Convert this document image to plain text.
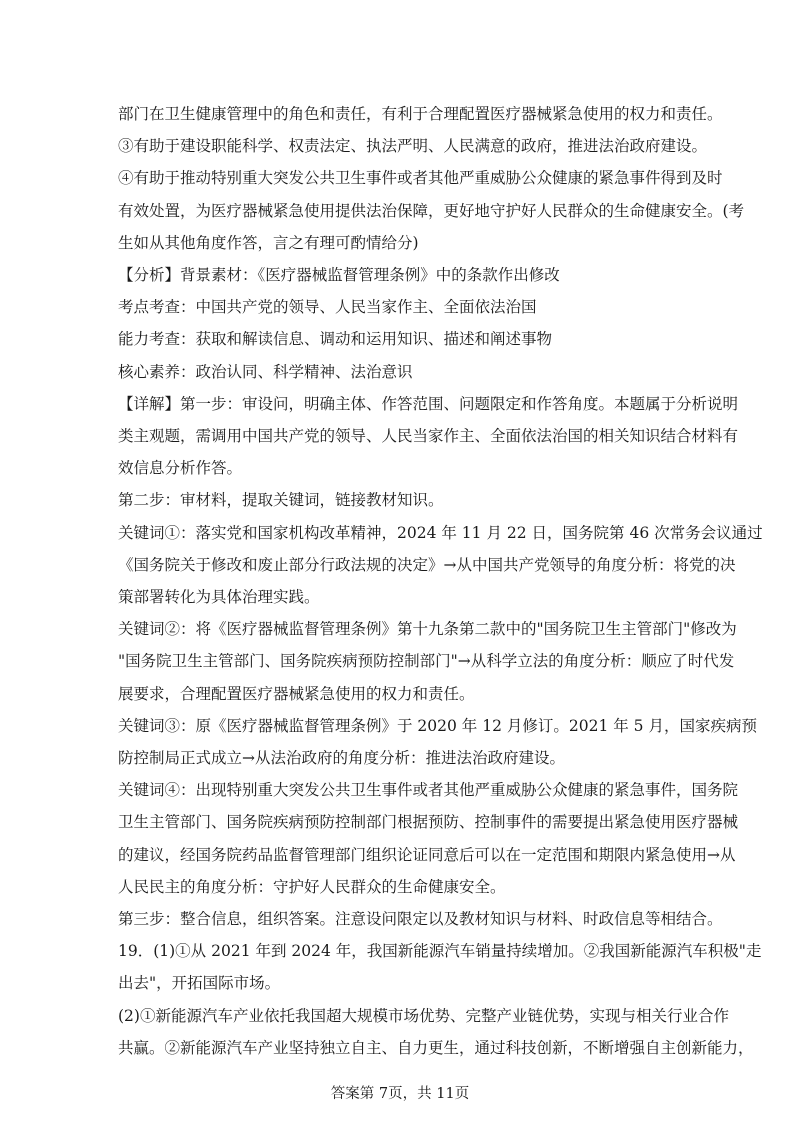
部门在卫生健康管理中的角色和责任，有利于合理配置医疗器械紧急使用的权力和责任。
③有助于建设职能科学、权责法定、执法严明、人民满意的政府，推进法治政府建设。
④有助于推动特别重大突发公共卫生事件或者其他严重威胁公众健康的紧急事件得到及时
有效处置，为医疗器械紧急使用提供法治保障，更好地守护好人民群众的生命健康安全。(考
生如从其他角度作答，言之有理可酌情给分)
【分析】背景素材：《医疗器械监督管理条例》中的条款作出修改
考点考查：中国共产党的领导、人民当家作主、全面依法治国
能力考查：获取和解读信息、调动和运用知识、描述和阐述事物
核心素养：政治认同、科学精神、法治意识
【详解】第一步：审设问，明确主体、作答范围、问题限定和作答角度。本题属于分析说明
类主观题，需调用中国共产党的领导、人民当家作主、全面依法治国的相关知识结合材料有
效信息分析作答。
第二步：审材料，提取关键词，链接教材知识。
关键词①：落实党和国家机构改革精神，2024 年 11 月 22 日，国务院第 46 次常务会议通过
《国务院关于修改和废止部分行政法规的决定》→从中国共产党领导的角度分析：将党的决
策部署转化为具体治理实践。
关键词②：将《医疗器械监督管理条例》第十九条第二款中的"国务院卫生主管部门"修改为
"国务院卫生主管部门、国务院疾病预防控制部门"→从科学立法的角度分析：顺应了时代发
展要求，合理配置医疗器械紧急使用的权力和责任。
关键词③：原《医疗器械监督管理条例》于 2020 年 12 月修订。2021 年 5 月，国家疾病预
防控制局正式成立→从法治政府的角度分析：推进法治政府建设。
关键词④：出现特别重大突发公共卫生事件或者其他严重威胁公众健康的紧急事件，国务院
卫生主管部门、国务院疾病预防控制部门根据预防、控制事件的需要提出紧急使用医疗器械
的建议，经国务院药品监督管理部门组织论证同意后可以在一定范围和期限内紧急使用→从
人民民主的角度分析：守护好人民群众的生命健康安全。
第三步：整合信息，组织答案。注意设问限定以及教材知识与材料、时政信息等相结合。
19．(1)①从 2021 年到 2024 年，我国新能源汽车销量持续增加。②我国新能源汽车积极"走
出去"，开拓国际市场。
(2)①新能源汽车产业依托我国超大规模市场优势、完整产业链优势，实现与相关行业合作
共赢。②新能源汽车产业坚持独立自主、自力更生，通过科技创新，不断增强自主创新能力，
答案第 7页，共 11页
